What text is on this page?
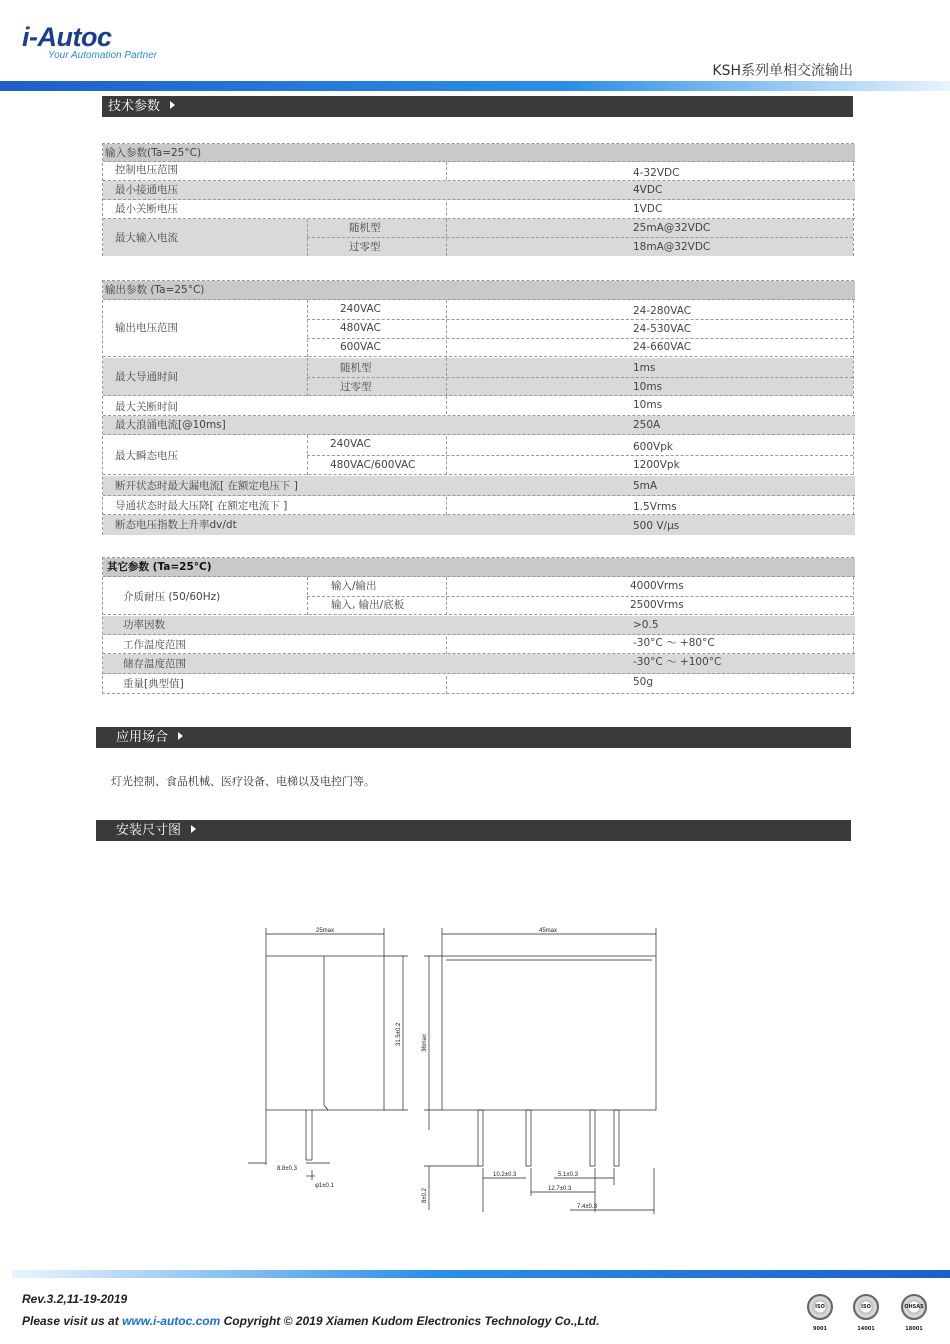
i-Autoc
Your Automation Partner
KSH系列单相交流输出
技术参数
输入参数(Ta=25°C)
控制电压范围	4-32VDC
最小接通电压	4VDC
最小关断电压	1VDC
最大输入电流
随机型	25mA@32VDC
过零型	18mA@32VDC
输出参数 (Ta=25°C)
输出电压范围
240VAC	24-280VAC
480VAC	24-530VAC
600VAC	24-660VAC
最大导通时间
随机型	1ms
过零型	10ms
最大关断时间	10ms
最大浪涌电流[@10ms]	250A
最大瞬态电压
240VAC	600Vpk
480VAC/600VAC	1200Vpk
断开状态时最大漏电流[ 在额定电压下 ]	5mA
导通状态时最大压降[ 在额定电流下 ]	1.5Vrms
断态电压指数上升率dv/dt	500 V/μs
其它参数 (Ta=25°C)
介质耐压 (50/60Hz)
输入/输出	4000Vrms
输入, 输出/底板	2500Vrms
功率因数	>0.5
工作温度范围	-30°C 〜 +80°C
储存温度范围	-30°C 〜 +100°C
重量[典型值]	50g
应用场合
灯光控制、食品机械、医疗设备、电梯以及电控门等。
安装尺寸图
25max	45max
31.5±0.2	36max
8.8±0.3
φ1±0.1
8±0.2
10.2±0.3	5.1±0.3
12.7±0.3
7.4±0.3
Rev.3.2,11-19-2019
Please visit us at www.i-autoc.com Copyright © 2019 Xiamen Kudom Electronics Technology Co.,Ltd.
ISO 9001
ISO 14001
OHSAS 18001
